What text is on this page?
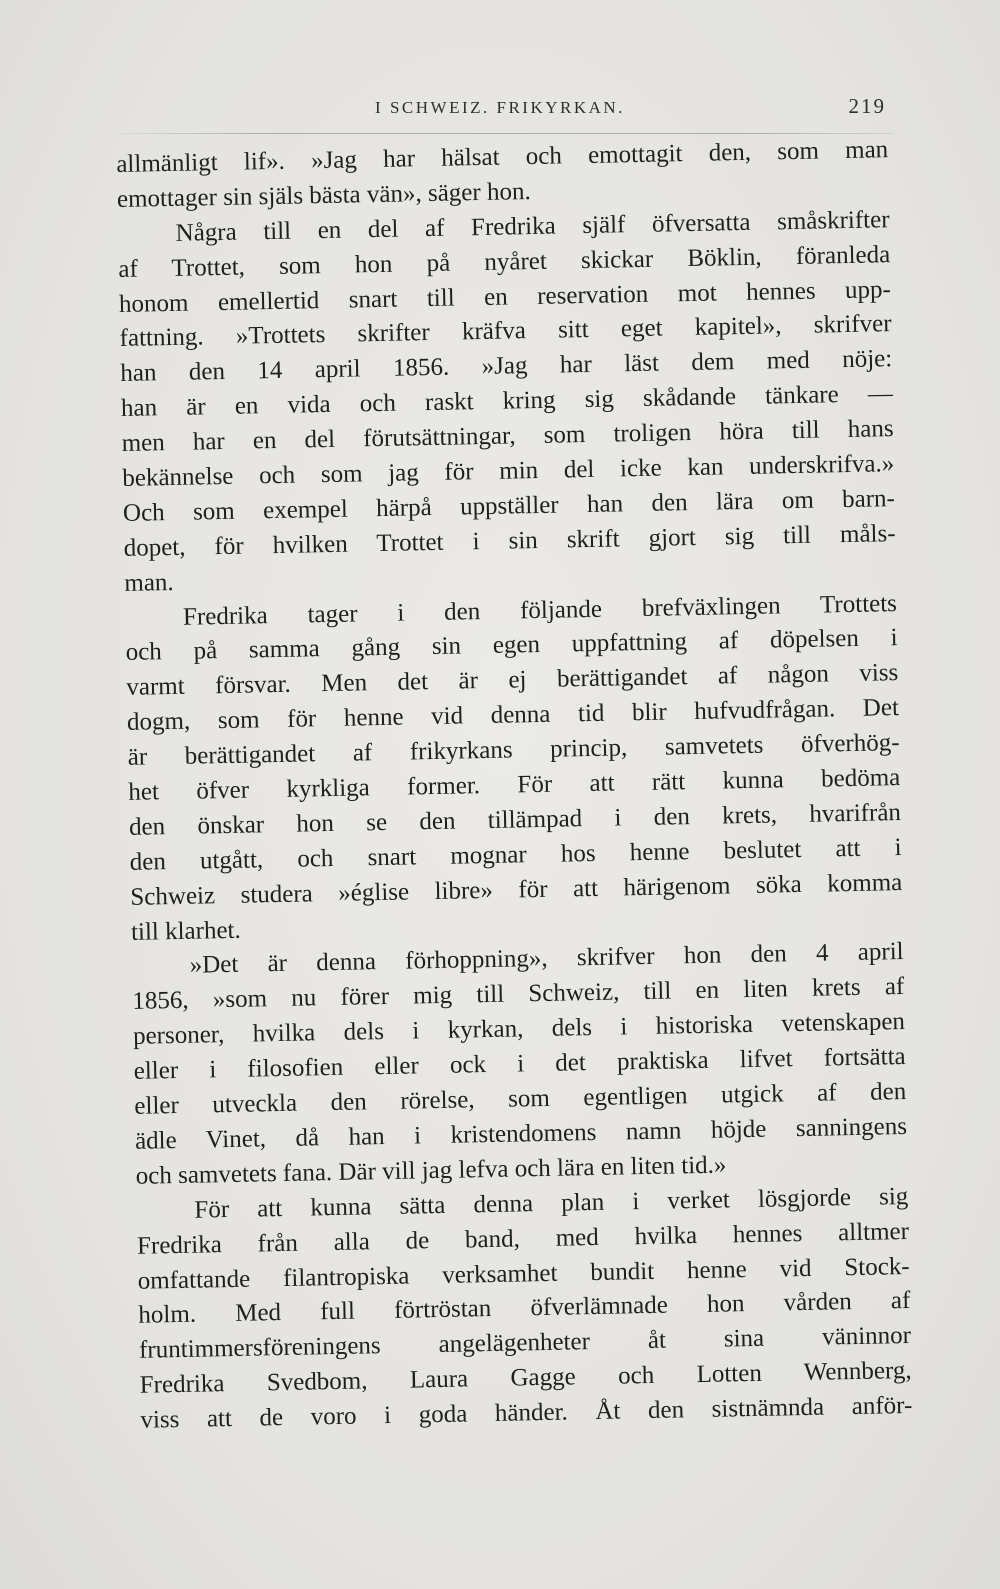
I SCHWEIZ. FRIKYRKAN.	219
allmänligt lif». »Jag har hälsat och emottagit den, som man
emottager sin själs bästa vän», säger hon.
Några till en del af Fredrika själf öfversatta småskrifter
af Trottet, som hon på nyåret skickar Böklin, föranleda
honom emellertid snart till en reservation mot hennes upp-
fattning. »Trottets skrifter kräfva sitt eget kapitel», skrifver
han den 14 april 1856. »Jag har läst dem med nöje:
han är en vida och raskt kring sig skådande tänkare —
men har en del förutsättningar, som troligen höra till hans
bekännelse och som jag för min del icke kan underskrifva.»
Och som exempel härpå uppställer han den lära om barn-
dopet, för hvilken Trottet i sin skrift gjort sig till måls-
man.
Fredrika tager i den följande brefväxlingen Trottets
och på samma gång sin egen uppfattning af döpelsen i
varmt försvar. Men det är ej berättigandet af någon viss
dogm, som för henne vid denna tid blir hufvudfrågan. Det
är berättigandet af frikyrkans princip, samvetets öfverhög-
het öfver kyrkliga former. För att rätt kunna bedöma
den önskar hon se den tillämpad i den krets, hvarifrån
den utgått, och snart mognar hos henne beslutet att i
Schweiz studera »église libre» för att härigenom söka komma
till klarhet.
»Det är denna förhoppning», skrifver hon den 4 april
1856, »som nu förer mig till Schweiz, till en liten krets af
personer, hvilka dels i kyrkan, dels i historiska vetenskapen
eller i filosofien eller ock i det praktiska lifvet fortsätta
eller utveckla den rörelse, som egentligen utgick af den
ädle Vinet, då han i kristendomens namn höjde sanningens
och samvetets fana. Där vill jag lefva och lära en liten tid.»
För att kunna sätta denna plan i verket lösgjorde sig
Fredrika från alla de band, med hvilka hennes alltmer
omfattande filantropiska verksamhet bundit henne vid Stock-
holm. Med full förtröstan öfverlämnade hon vården af
fruntimmersföreningens angelägenheter åt sina väninnor
Fredrika Svedbom, Laura Gagge och Lotten Wennberg,
viss att de voro i goda händer. Åt den sistnämnda anför-
